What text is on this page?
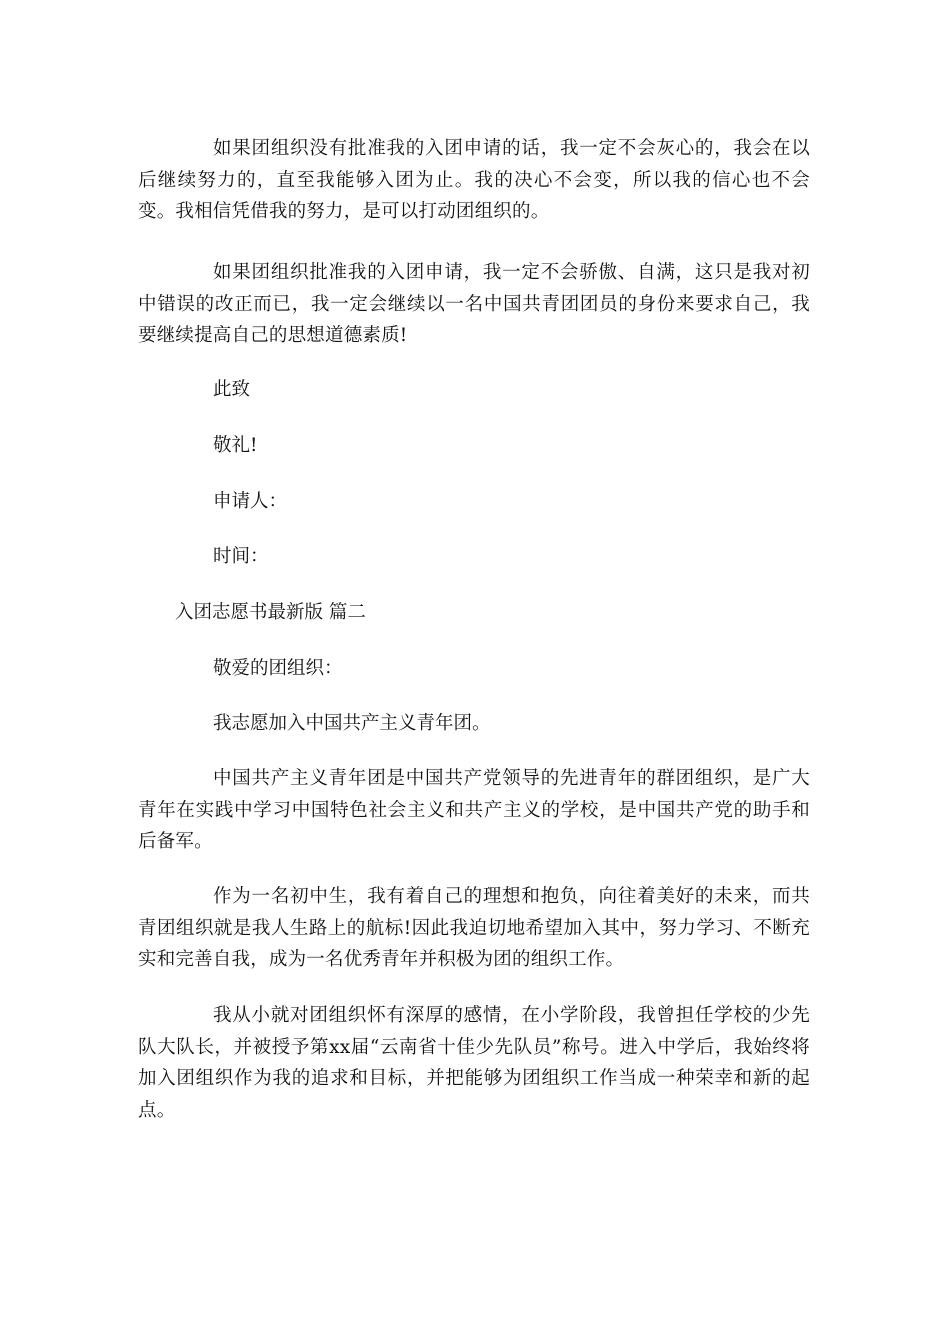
如果团组织没有批准我的入团申请的话，我一定不会灰心的，我会在以后继续努力的，直至我能够入团为止。我的决心不会变，所以我的信心也不会变。我相信凭借我的努力，是可以打动团组织的。

如果团组织批准我的入团申请，我一定不会骄傲、自满，这只是我对初中错误的改正而已，我一定会继续以一名中国共青团团员的身份来要求自己，我要继续提高自己的思想道德素质!

此致

敬礼!

申请人：

时间：

入团志愿书最新版 篇二

敬爱的团组织：

我志愿加入中国共产主义青年团。

中国共产主义青年团是中国共产党领导的先进青年的群团组织，是广大青年在实践中学习中国特色社会主义和共产主义的学校，是中国共产党的助手和后备军。

作为一名初中生，我有着自己的理想和抱负，向往着美好的未来，而共青团组织就是我人生路上的航标!因此我迫切地希望加入其中，努力学习、不断充实和完善自我，成为一名优秀青年并积极为团的组织工作。

我从小就对团组织怀有深厚的感情，在小学阶段，我曾担任学校的少先队大队长，并被授予第xx届“云南省十佳少先队员”称号。进入中学后，我始终将加入团组织作为我的追求和目标，并把能够为团组织工作当成一种荣幸和新的起点。
